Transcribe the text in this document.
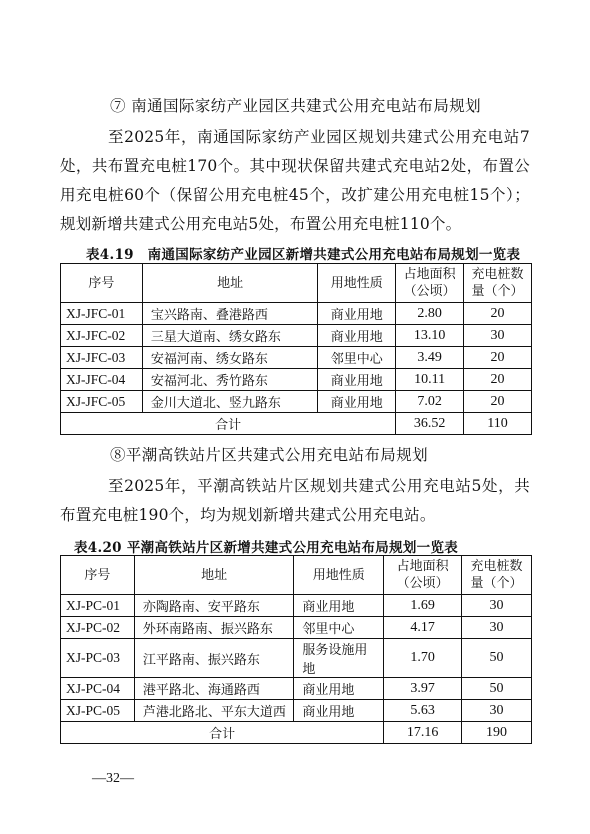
⑦ 南通国际家纺产业园区共建式公用充电站布局规划
至2025年，南通国际家纺产业园区规划共建式公用充电站7处，共布置充电桩170个。其中现状保留共建式充电站2处，布置公用充电桩60个（保留公用充电桩45个，改扩建公用充电桩15个）；规划新增共建式公用充电站5处，布置公用充电桩110个。
表4.19　南通国际家纺产业园区新增共建式公用充电站布局规划一览表
序号	地址	用地性质	占地面积（公顷）	充电桩数量（个）
XJ-JFC-01	宝兴路南、叠港路西	商业用地	2.80	20
XJ-JFC-02	三星大道南、绣女路东	商业用地	13.10	30
XJ-JFC-03	安福河南、绣女路东	邻里中心	3.49	20
XJ-JFC-04	安福河北、秀竹路东	商业用地	10.11	20
XJ-JFC-05	金川大道北、竖九路东	商业用地	7.02	20
合计			36.52	110
⑧平潮高铁站片区共建式公用充电站布局规划
至2025年，平潮高铁站片区规划共建式公用充电站5处，共布置充电桩190个，均为规划新增共建式公用充电站。
表4.20 平潮高铁站片区新增共建式公用充电站布局规划一览表
序号	地址	用地性质	占地面积（公顷）	充电桩数量（个）
XJ-PC-01	亦陶路南、安平路东	商业用地	1.69	30
XJ-PC-02	外环南路南、振兴路东	邻里中心	4.17	30
XJ-PC-03	江平路南、振兴路东	服务设施用地	1.70	50
XJ-PC-04	港平路北、海通路西	商业用地	3.97	50
XJ-PC-05	芦港北路北、平东大道西	商业用地	5.63	30
合计			17.16	190
—32—
